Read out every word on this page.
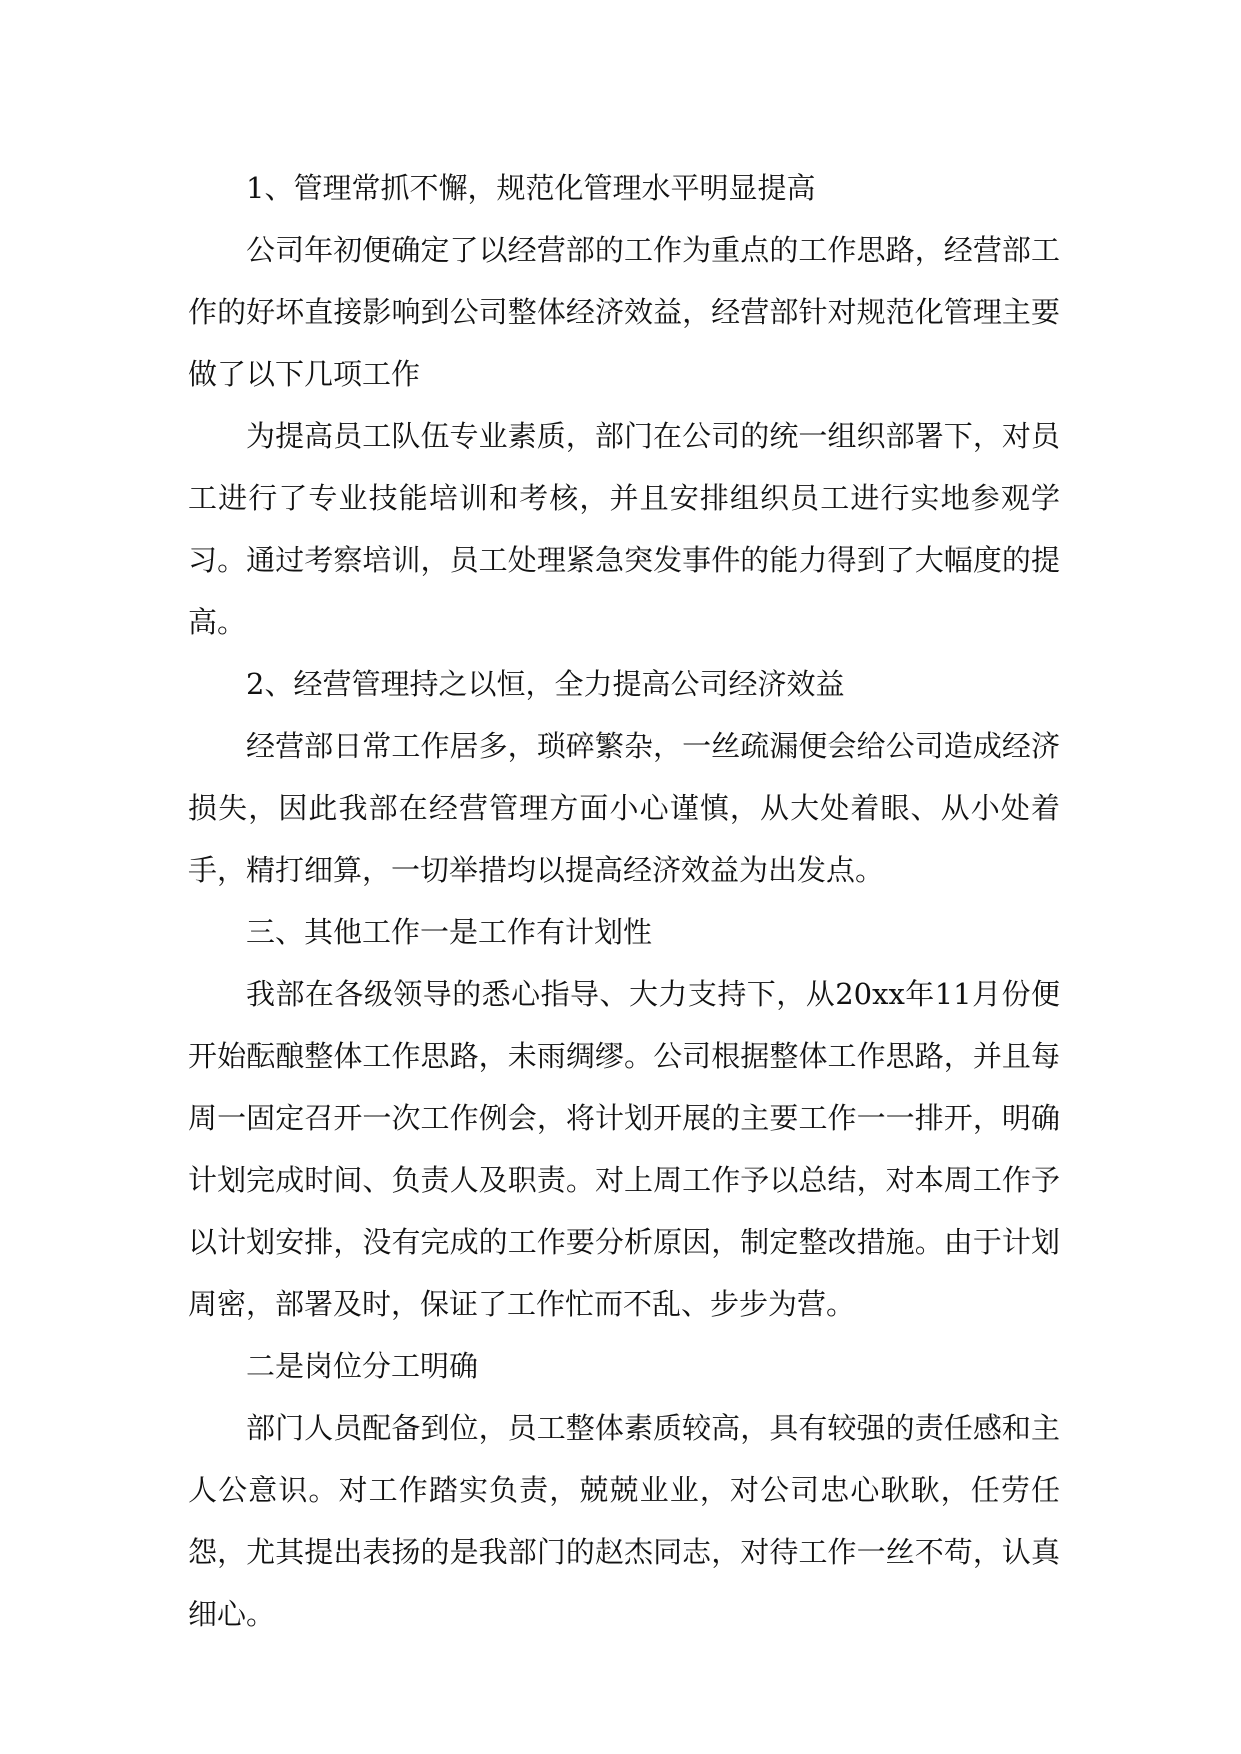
1、管理常抓不懈，规范化管理水平明显提高

公司年初便确定了以经营部的工作为重点的工作思路，经营部工作的好坏直接影响到公司整体经济效益，经营部针对规范化管理主要做了以下几项工作

为提高员工队伍专业素质，部门在公司的统一组织部署下，对员工进行了专业技能培训和考核，并且安排组织员工进行实地参观学习。通过考察培训，员工处理紧急突发事件的能力得到了大幅度的提高。

2、经营管理持之以恒，全力提高公司经济效益

经营部日常工作居多，琐碎繁杂，一丝疏漏便会给公司造成经济损失，因此我部在经营管理方面小心谨慎，从大处着眼、从小处着手，精打细算，一切举措均以提高经济效益为出发点。

三、其他工作一是工作有计划性

我部在各级领导的悉心指导、大力支持下，从20xx年11月份便开始酝酿整体工作思路，未雨绸缪。公司根据整体工作思路，并且每周一固定召开一次工作例会，将计划开展的主要工作一一排开，明确计划完成时间、负责人及职责。对上周工作予以总结，对本周工作予以计划安排，没有完成的工作要分析原因，制定整改措施。由于计划周密，部署及时，保证了工作忙而不乱、步步为营。

二是岗位分工明确

部门人员配备到位，员工整体素质较高，具有较强的责任感和主人公意识。对工作踏实负责，兢兢业业，对公司忠心耿耿，任劳任怨，尤其提出表扬的是我部门的赵杰同志，对待工作一丝不苟，认真细心。
